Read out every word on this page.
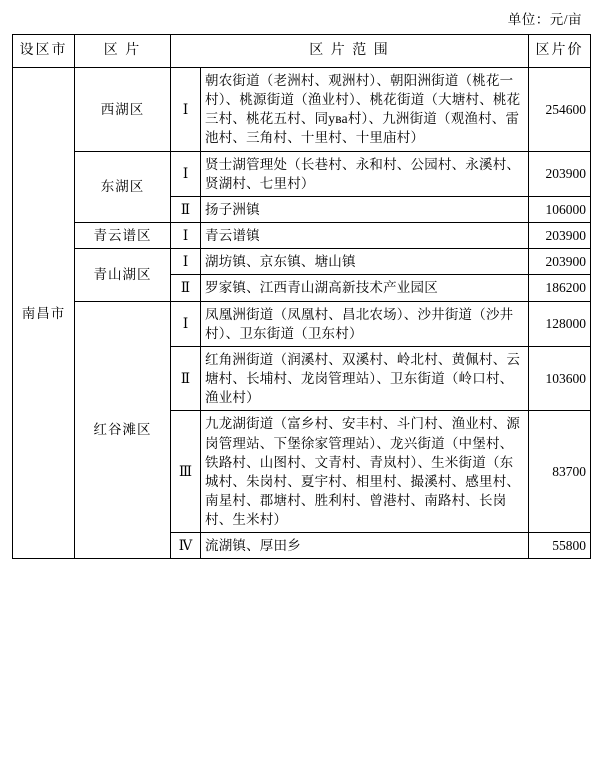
单位：元/亩
设区市	区 片	区 片 范 围		区片价
南昌市	西湖区	Ⅰ	朝农街道（老洲村、观洲村）、朝阳洲街道（桃花一村）、桃源街道（渔业村）、桃花街道（大塘村、桃花三村、桃花五村、同ува村）、九洲街道（观渔村、雷池村、三角村、十里村、十里庙村）	254600
	东湖区	Ⅰ	贤士湖管理处（长巷村、永和村、公园村、永溪村、贤湖村、七里村）	203900
		Ⅱ	扬子洲镇	106000
	青云谱区	Ⅰ	青云谱镇	203900
	青山湖区	Ⅰ	湖坊镇、京东镇、塘山镇	203900
		Ⅱ	罗家镇、江西青山湖高新技术产业园区	186200
	红谷滩区	Ⅰ	凤凰洲街道（凤凰村、昌北农场）、沙井街道（沙井村）、卫东街道（卫东村）	128000
		Ⅱ	红角洲街道（润溪村、双溪村、岭北村、黄佩村、云塘村、长埔村、龙岗管理站）、卫东街道（岭口村、渔业村）	103600
		Ⅲ	九龙湖街道（富乡村、安丰村、斗门村、渔业村、源岗管理站、下堡徐家管理站）、龙兴街道（中堡村、铁路村、山图村、文青村、青岚村）、生米街道（东城村、朱岗村、夏宇村、相里村、撮溪村、感里村、南星村、郡塘村、胜利村、曾港村、南路村、长岗村、生米村）	83700
		Ⅳ	流湖镇、厚田乡	55800
